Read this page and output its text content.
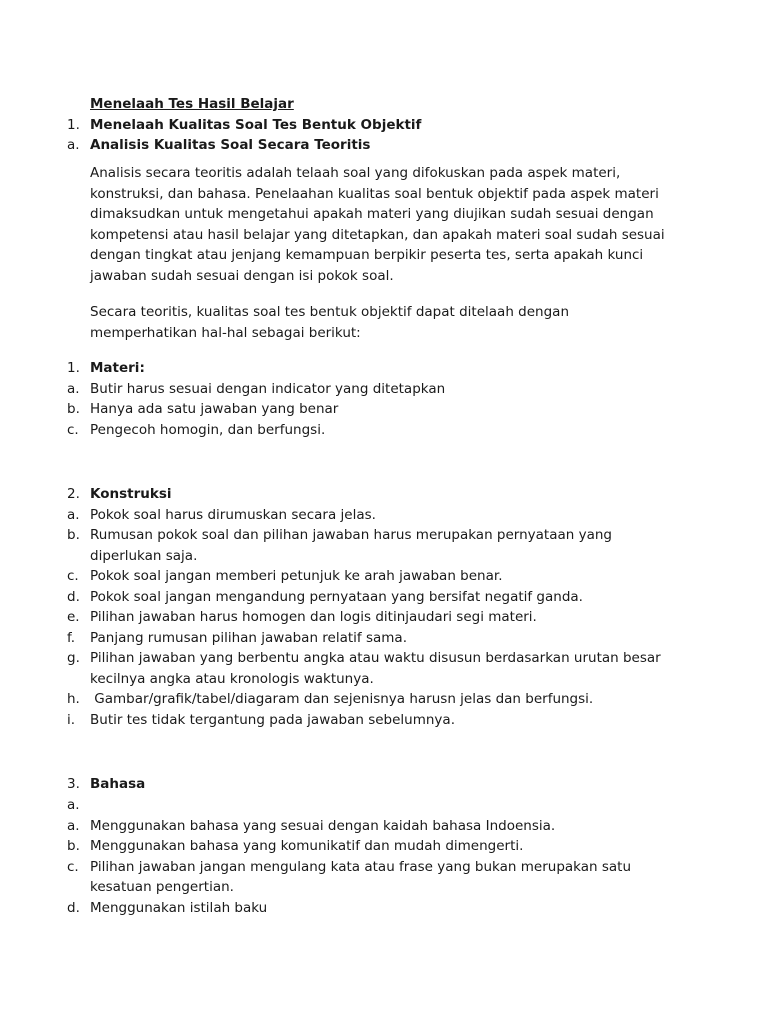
Menelaah Tes Hasil Belajar
1. Menelaah Kualitas Soal Tes Bentuk Objektif
a. Analisis Kualitas Soal Secara Teoritis
Analisis secara teoritis adalah telaah soal yang difokuskan pada aspek materi,
konstruksi, dan bahasa. Penelaahan kualitas soal bentuk objektif pada aspek materi
dimaksudkan untuk mengetahui apakah materi yang diujikan sudah sesuai dengan
kompetensi atau hasil belajar yang ditetapkan, dan apakah materi soal sudah sesuai
dengan tingkat atau jenjang kemampuan berpikir peserta tes, serta apakah kunci
jawaban sudah sesuai dengan isi pokok soal.
Secara teoritis, kualitas soal tes bentuk objektif dapat ditelaah dengan
memperhatikan hal-hal sebagai berikut:
1. Materi:
a. Butir harus sesuai dengan indicator yang ditetapkan
b. Hanya ada satu jawaban yang benar
c. Pengecoh homogin, dan berfungsi.
2. Konstruksi
a. Pokok soal harus dirumuskan secara jelas.
b. Rumusan pokok soal dan pilihan jawaban harus merupakan pernyataan yang
diperlukan saja.
c. Pokok soal jangan memberi petunjuk ke arah jawaban benar.
d. Pokok soal jangan mengandung pernyataan yang bersifat negatif ganda.
e. Pilihan jawaban harus homogen dan logis ditinjaudari segi materi.
f.	Panjang rumusan pilihan jawaban relatif sama.
g. Pilihan jawaban yang berbentu angka atau waktu disusun berdasarkan urutan besar
kecilnya angka atau kronologis waktunya.
h. Gambar/grafik/tabel/diagaram dan sejenisnya harusn jelas dan berfungsi.
i.	Butir tes tidak tergantung pada jawaban sebelumnya.
3. Bahasa
a.
a. Menggunakan bahasa yang sesuai dengan kaidah bahasa Indoensia.
b. Menggunakan bahasa yang komunikatif dan mudah dimengerti.
c. Pilihan jawaban jangan mengulang kata atau frase yang bukan merupakan satu
kesatuan pengertian.
d. Menggunakan istilah baku
